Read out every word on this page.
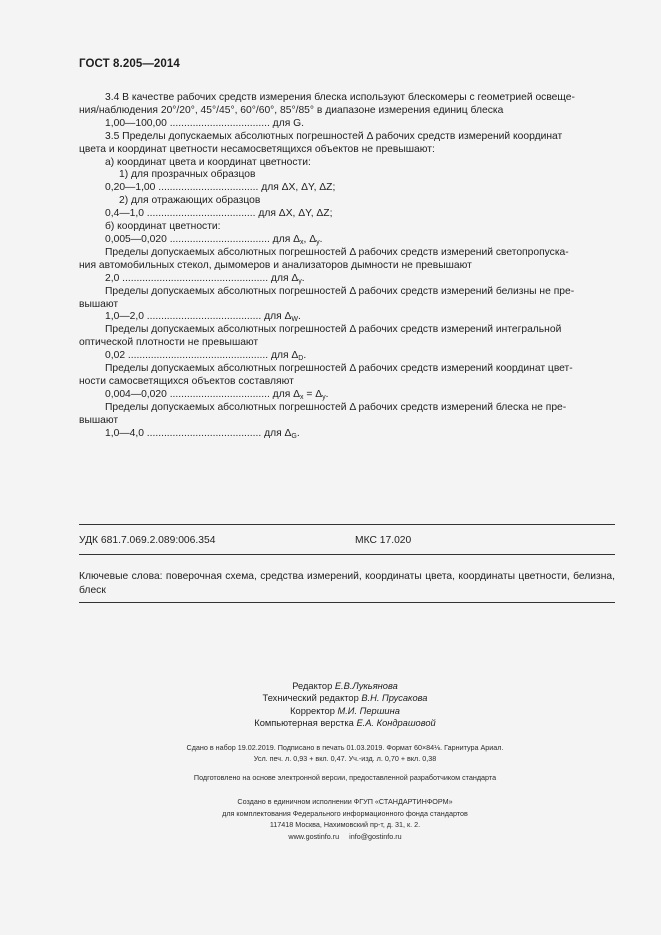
ГОСТ 8.205—2014

3.4 В качестве рабочих средств измерения блеска используют блескомеры с геометрией освеще-

ния/наблюдения 20°/20°, 45°/45°, 60°/60°, 85°/85° в диапазоне измерения единиц блеска

1,00—100,00 ................................... для G.

3.5 Пределы допускаемых абсолютных погрешностей Δ рабочих средств измерений координат

цвета и координат цветности несамосветящихся объектов не превышают:

а) координат цвета и координат цветности:

1) для прозрачных образцов

0,20—1,00 ................................... для ΔX, ΔY, ΔZ;

2) для отражающих образцов

0,4—1,0 ...................................... для ΔX, ΔY, ΔZ;

б) координат цветности:

0,005—0,020 ................................... для $\Delta_x$, $\Delta_y$.

Пределы допускаемых абсолютных погрешностей Δ рабочих средств измерений светопропуска-

ния автомобильных стекол, дымомеров и анализаторов дымности не превышают

2,0 ................................................... для $\Delta_\gamma$.

Пределы допускаемых абсолютных погрешностей Δ рабочих средств измерений белизны не пре-

вышают

1,0—2,0 ........................................ для $\Delta_W$.

Пределы допускаемых абсолютных погрешностей Δ рабочих средств измерений интегральной

оптической плотности не превышают

0,02 ................................................. для $\Delta_D$.

Пределы допускаемых абсолютных погрешностей Δ рабочих средств измерений координат цвет-

ности самосветящихся объектов составляют

0,004—0,020 ................................... для $\Delta_x = \Delta_y$.

Пределы допускаемых абсолютных погрешностей Δ рабочих средств измерений блеска не пре-

вышают

1,0—4,0 ........................................ для $\Delta_G$.

УДК 681.7.069.2.089:006.354	МКС 17.020
Ключевые слова: поверочная схема, средства измерений, координаты цвета, координаты цветности, белизна, блеск
Редактор Е.В.Лукьянова
Технический редактор В.Н. Прусакова
Корректор М.И. Першина
Компьютерная верстка Е.А. Кондрашовой
Сдано в набор 19.02.2019. Подписано в печать 01.03.2019. Формат 60×84⅛. Гарнитура Ариал.
Усл. печ. л. 0,93 + вкл. 0,47. Уч.-изд. л. 0,70 + вкл. 0,38
Подготовлено на основе электронной версии, предоставленной разработчиком стандарта
Создано в единичном исполнении ФГУП «СТАНДАРТИНФОРМ»
для комплектования Федерального информационного фонда стандартов
117418 Москва, Нахимовский пр-т, д. 31, к. 2.
www.gostinfo.ru info@gostinfo.ru
